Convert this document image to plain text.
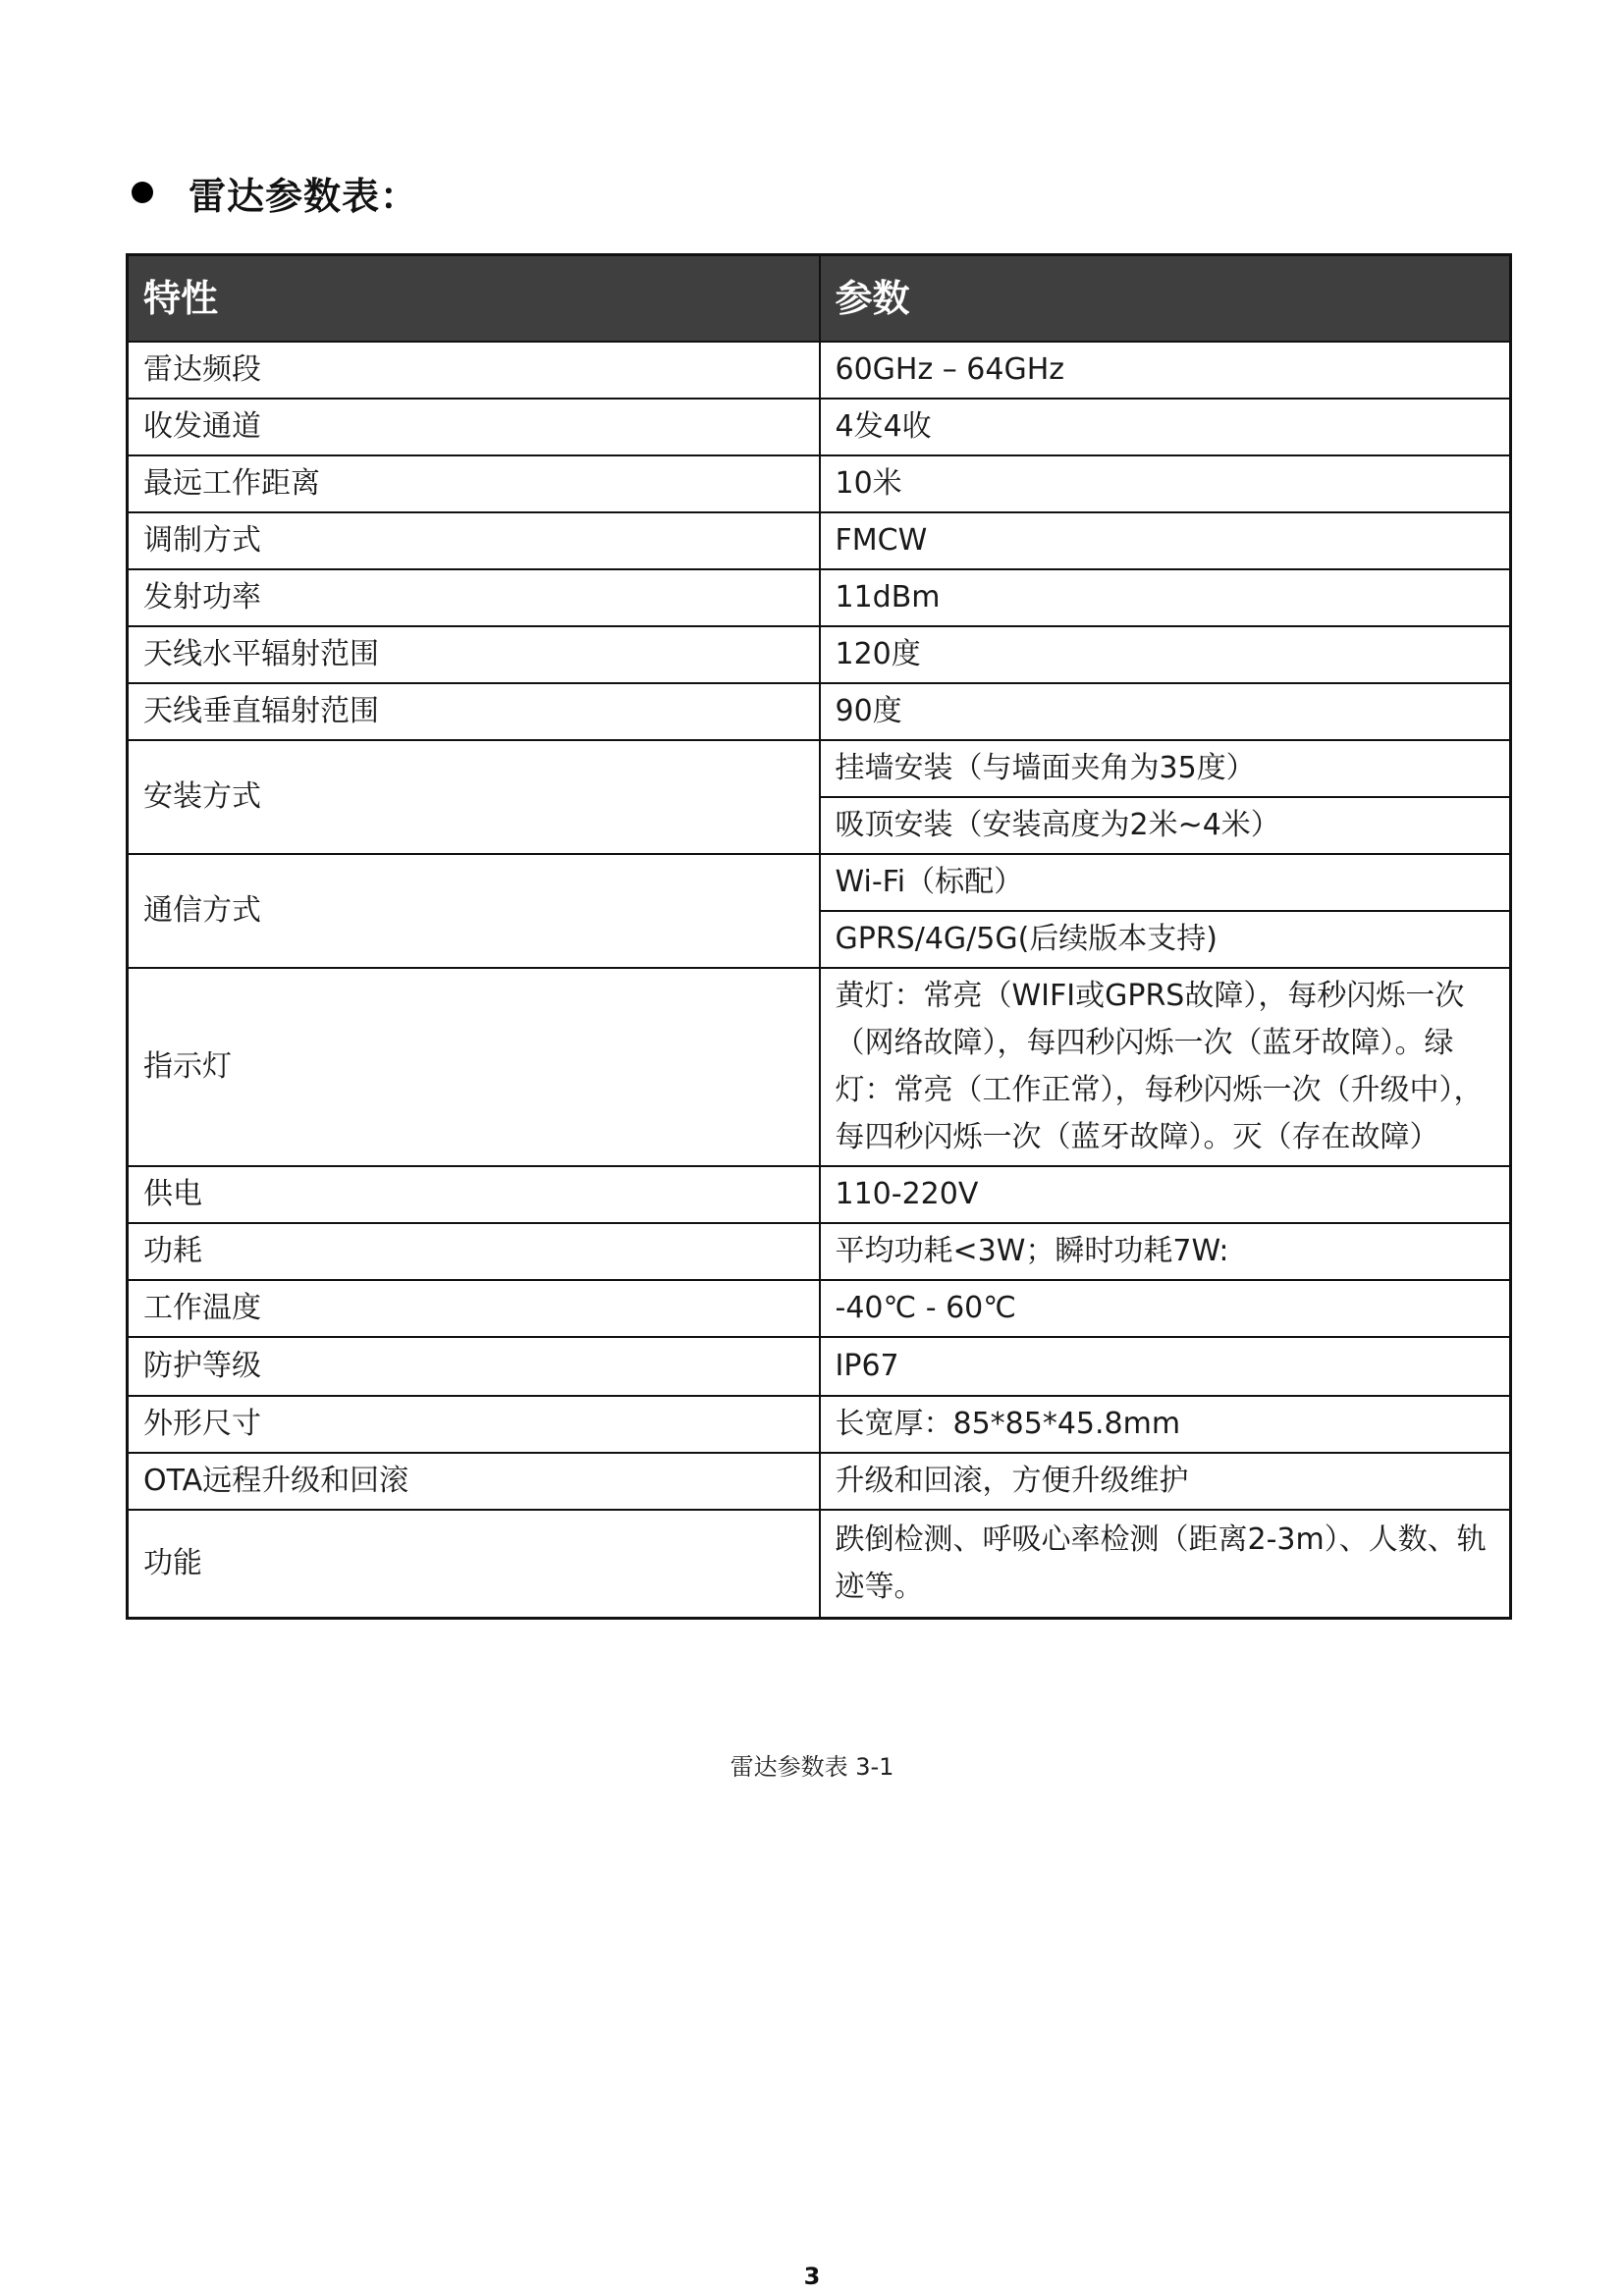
雷达参数表：
特性	参数
雷达频段	60GHz – 64GHz
收发通道	4发4收
最远工作距离	10米
调制方式	FMCW
发射功率	11dBm
天线水平辐射范围	120度
天线垂直辐射范围	90度
安装方式	挂墙安装（与墙面夹角为35度）
	吸顶安装（安装高度为2米~4米）
通信方式	Wi-Fi（标配）
	GPRS/4G/5G(后续版本支持)
指示灯	黄灯：常亮（WIFI或GPRS故障），每秒闪烁一次（网络故障），每四秒闪烁一次（蓝牙故障）。绿灯：常亮（工作正常），每秒闪烁一次（升级中），每四秒闪烁一次（蓝牙故障）。灭（存在故障）
供电	110-220V
功耗	平均功耗<3W；瞬时功耗7W:
工作温度	-40℃ - 60℃
防护等级	IP67
外形尺寸	长宽厚：85*85*45.8mm
OTA远程升级和回滚	升级和回滚，方便升级维护
功能	跌倒检测、呼吸心率检测（距离2-3m）、人数、轨迹等。
雷达参数表 3-1
3
